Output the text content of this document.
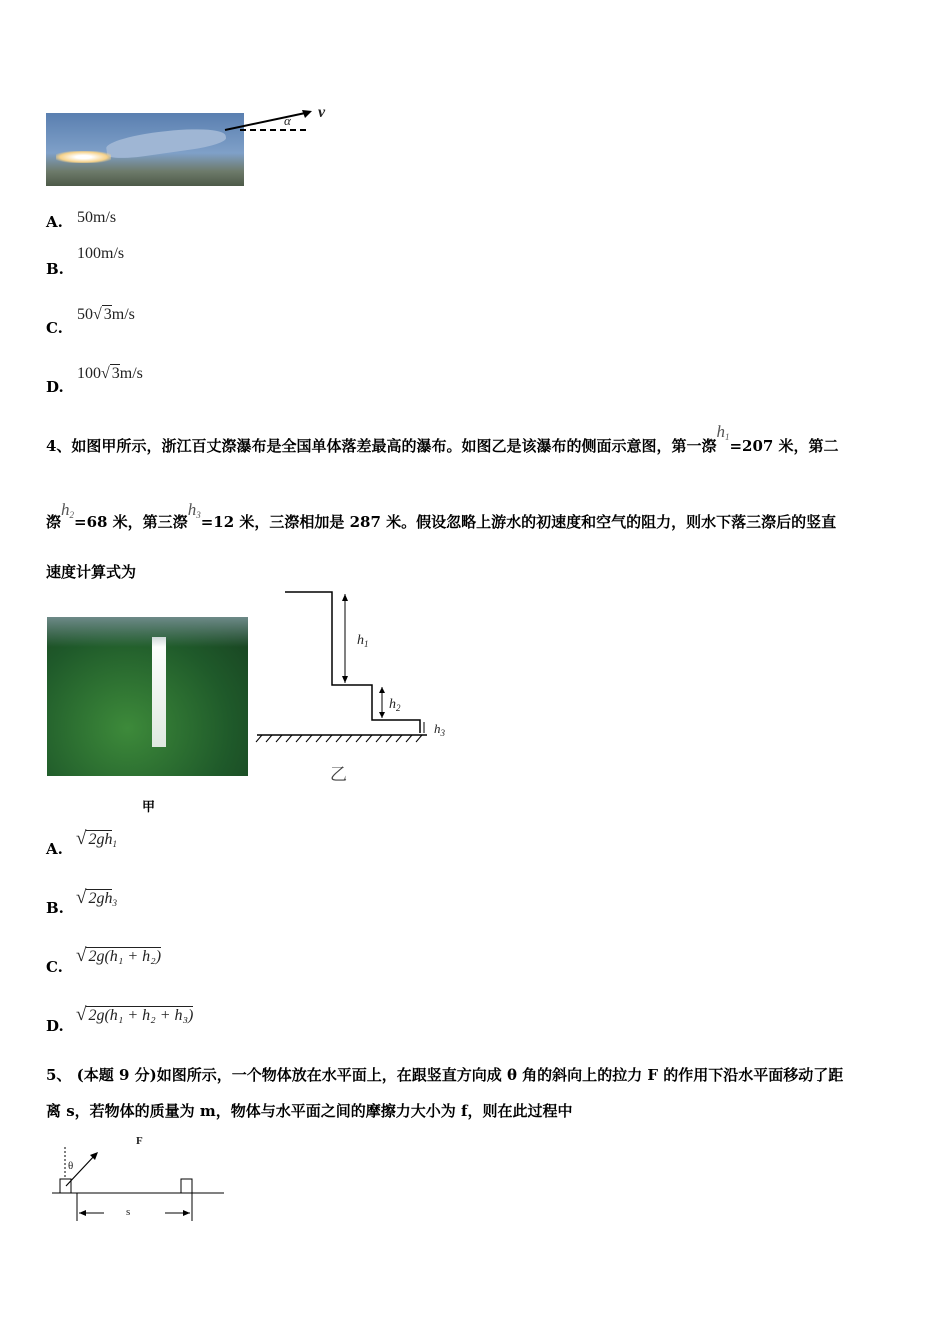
α v
A. 50m/s
B.
100m/s
C.
50√ 3m/s
D.
100√ 3m/s
4、如图甲所示，浙江百丈漈瀑布是全国单体落差最高的瀑布。如图乙是该瀑布的侧面示意图，第一漈$h_1=207$ 米，第二
漈$h_2=68$ 米，第三漈$h_3=12$ 米，三漈相加是 287 米。假设忽略上游水的初速度和空气的阻力，则水下落三漈后的竖直
速度计算式为
甲
$h_1$
$h_2$
$h_3$
乙
A. √ $2gh_1$
B. √ $2gh_3$
C.
√ 2g(h₁ + h₂)
D.
√ 2g(h₁ + h₂ + h₃)
5、 (本题 9 分)如图所示，一个物体放在水平面上，在跟竖直方向成 θ 角的斜向上的拉力 F 的作用下沿水平面移动了距
离 s，若物体的质量为 m，物体与水平面之间的摩擦力大小为 f，则在此过程中
F
θ
s
